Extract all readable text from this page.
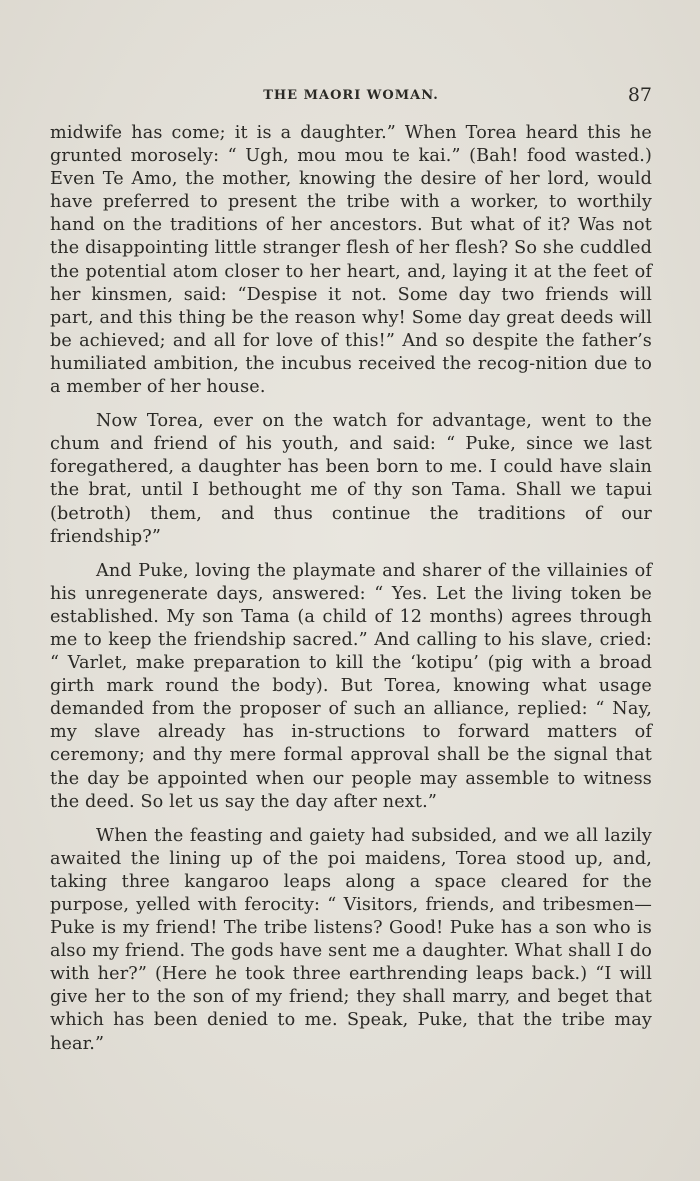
THE MAORI WOMAN.	87

midwife has come; it is a daughter.” When Torea heard this he grunted morosely: “ Ugh, mou mou te kai.” (Bah! food wasted.) Even Te Amo, the mother, knowing the desire of her lord, would have preferred to present the tribe with a worker, to worthily hand on the traditions of her ancestors. But what of it? Was not the disappointing little stranger flesh of her flesh? So she cuddled the potential atom closer to her heart, and, laying it at the feet of her kinsmen, said: “Despise it not. Some day two friends will part, and this thing be the reason why! Some day great deeds will be achieved; and all for love of this!” And so despite the father’s humiliated ambition, the incubus received the recog-nition due to a member of her house.

Now Torea, ever on the watch for advantage, went to the chum and friend of his youth, and said: “ Puke, since we last foregathered, a daughter has been born to me. I could have slain the brat, until I bethought me of thy son Tama. Shall we tapui (betroth) them, and thus continue the traditions of our friendship?”

And Puke, loving the playmate and sharer of the villainies of his unregenerate days, answered: “ Yes. Let the living token be established. My son Tama (a child of 12 months) agrees through me to keep the friendship sacred.” And calling to his slave, cried: “ Varlet, make preparation to kill the ‘kotipu’ (pig with a broad girth mark round the body). But Torea, knowing what usage demanded from the proposer of such an alliance, replied: “ Nay, my slave already has in-structions to forward matters of ceremony; and thy mere formal approval shall be the signal that the day be appointed when our people may assemble to witness the deed. So let us say the day after next.”

When the feasting and gaiety had subsided, and we all lazily awaited the lining up of the poi maidens, Torea stood up, and, taking three kangaroo leaps along a space cleared for the purpose, yelled with ferocity: “ Visitors, friends, and tribesmen—Puke is my friend! The tribe listens? Good! Puke has a son who is also my friend. The gods have sent me a daughter. What shall I do with her?” (Here he took three earthrending leaps back.) “I will give her to the son of my friend; they shall marry, and beget that which has been denied to me. Speak, Puke, that the tribe may hear.”
